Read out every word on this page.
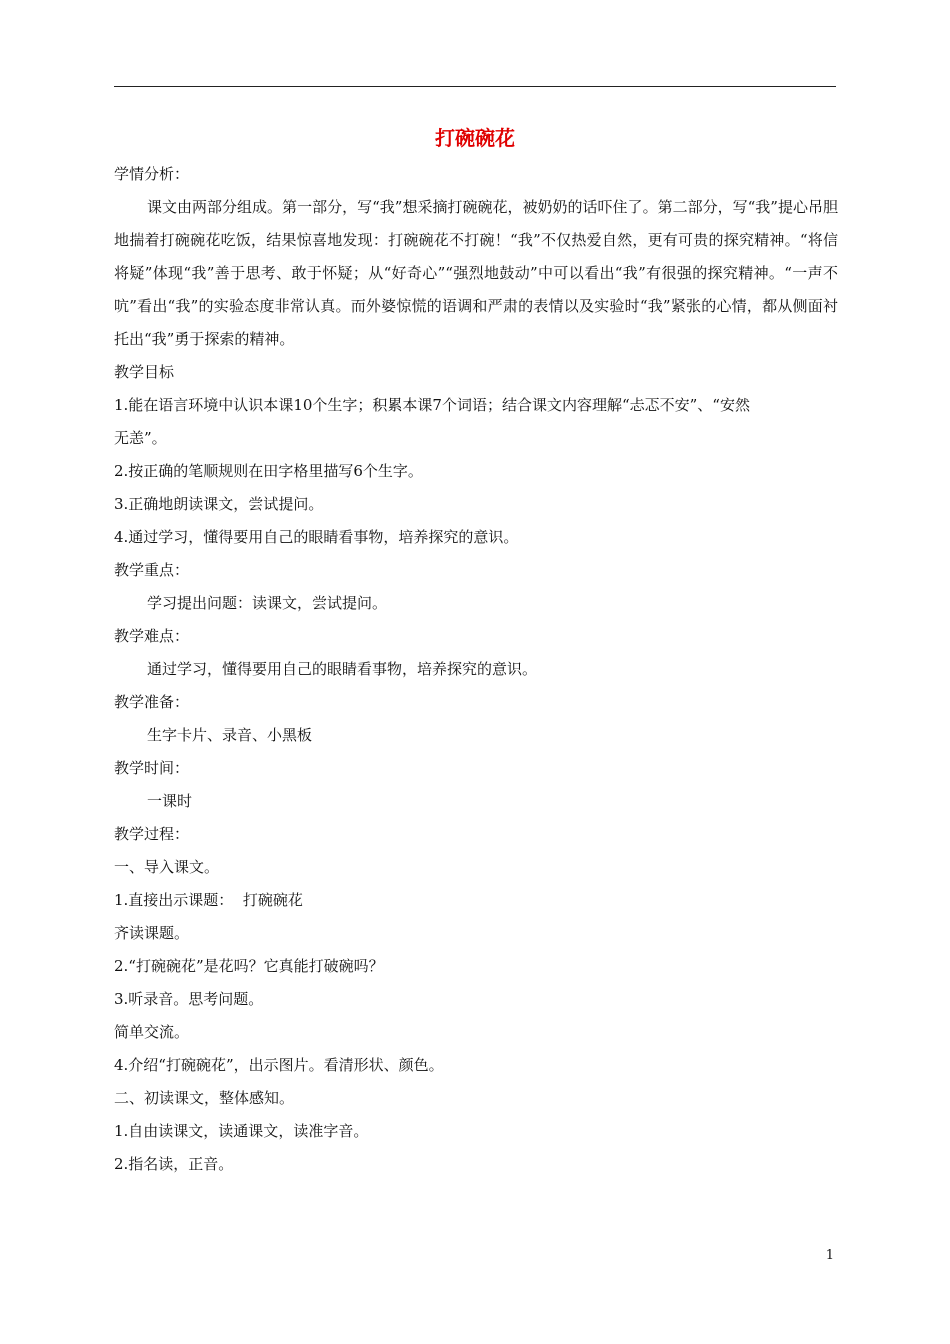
打碗碗花
学情分析：
课文由两部分组成。第一部分，写“我”想采摘打碗碗花，被奶奶的话吓住了。第二部分，写“我”提心吊胆地揣着打碗碗花吃饭，结果惊喜地发现：打碗碗花不打碗！“我”不仅热爱自然，更有可贵的探究精神。“将信将疑”体现“我”善于思考、敢于怀疑；从“好奇心”“强烈地鼓动”中可以看出“我”有很强的探究精神。“一声不吭”看出“我”的实验态度非常认真。而外婆惊慌的语调和严肃的表情以及实验时“我”紧张的心情，都从侧面衬托出“我”勇于探索的精神。
教学目标
1.能在语言环境中认识本课10个生字；积累本课7个词语；结合课文内容理解“忐忑不安”、“安然
无恙”。
2.按正确的笔顺规则在田字格里描写6个生字。
3.正确地朗读课文，尝试提问。
4.通过学习，懂得要用自己的眼睛看事物，培养探究的意识。
教学重点：
学习提出问题：读课文，尝试提问。
教学难点：
通过学习，懂得要用自己的眼睛看事物，培养探究的意识。
教学准备：
生字卡片、录音、小黑板
教学时间：
一课时
教学过程：
一、导入课文。
1.直接出示课题：  打碗碗花
齐读课题。
2.“打碗碗花”是花吗？它真能打破碗吗？
3.听录音。思考问题。
简单交流。
4.介绍“打碗碗花”，出示图片。看清形状、颜色。
二、初读课文，整体感知。
1.自由读课文，读通课文，读准字音。
2.指名读，正音。
1
